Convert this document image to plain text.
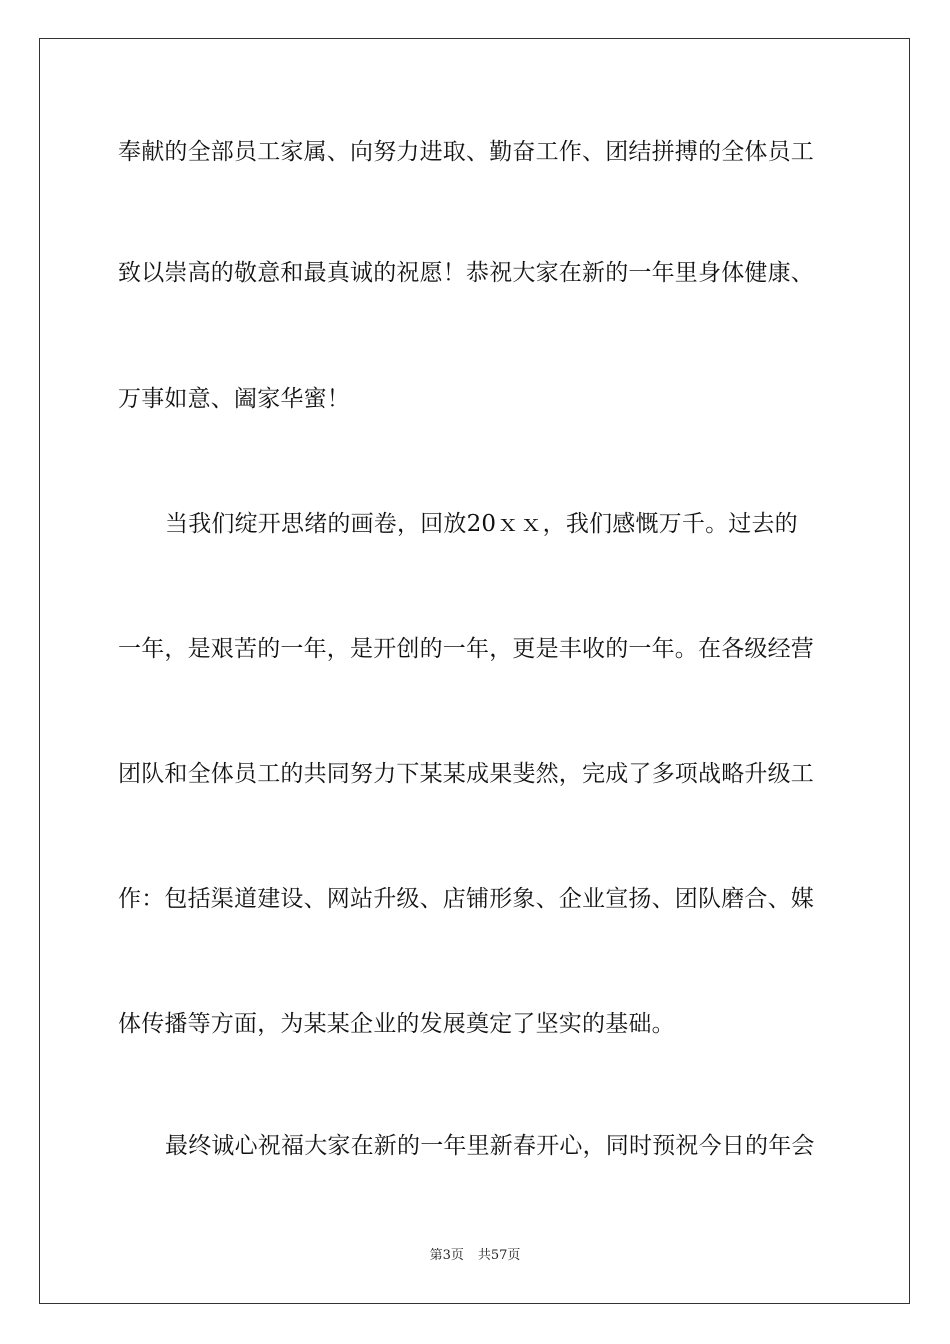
奉献的全部员工家属、向努力进取、勤奋工作、团结拼搏的全体员工
致以崇高的敬意和最真诚的祝愿！恭祝大家在新的一年里身体健康、
万事如意、阖家华蜜！
当我们绽开思绪的画卷，回放20ｘｘ，我们感慨万千。过去的
一年，是艰苦的一年，是开创的一年，更是丰收的一年。在各级经营
团队和全体员工的共同努力下某某成果斐然，完成了多项战略升级工
作：包括渠道建设、网站升级、店铺形象、企业宣扬、团队磨合、媒
体传播等方面，为某某企业的发展奠定了坚实的基础。
最终诚心祝福大家在新的一年里新春开心，同时预祝今日的年会
第3页 共57页
